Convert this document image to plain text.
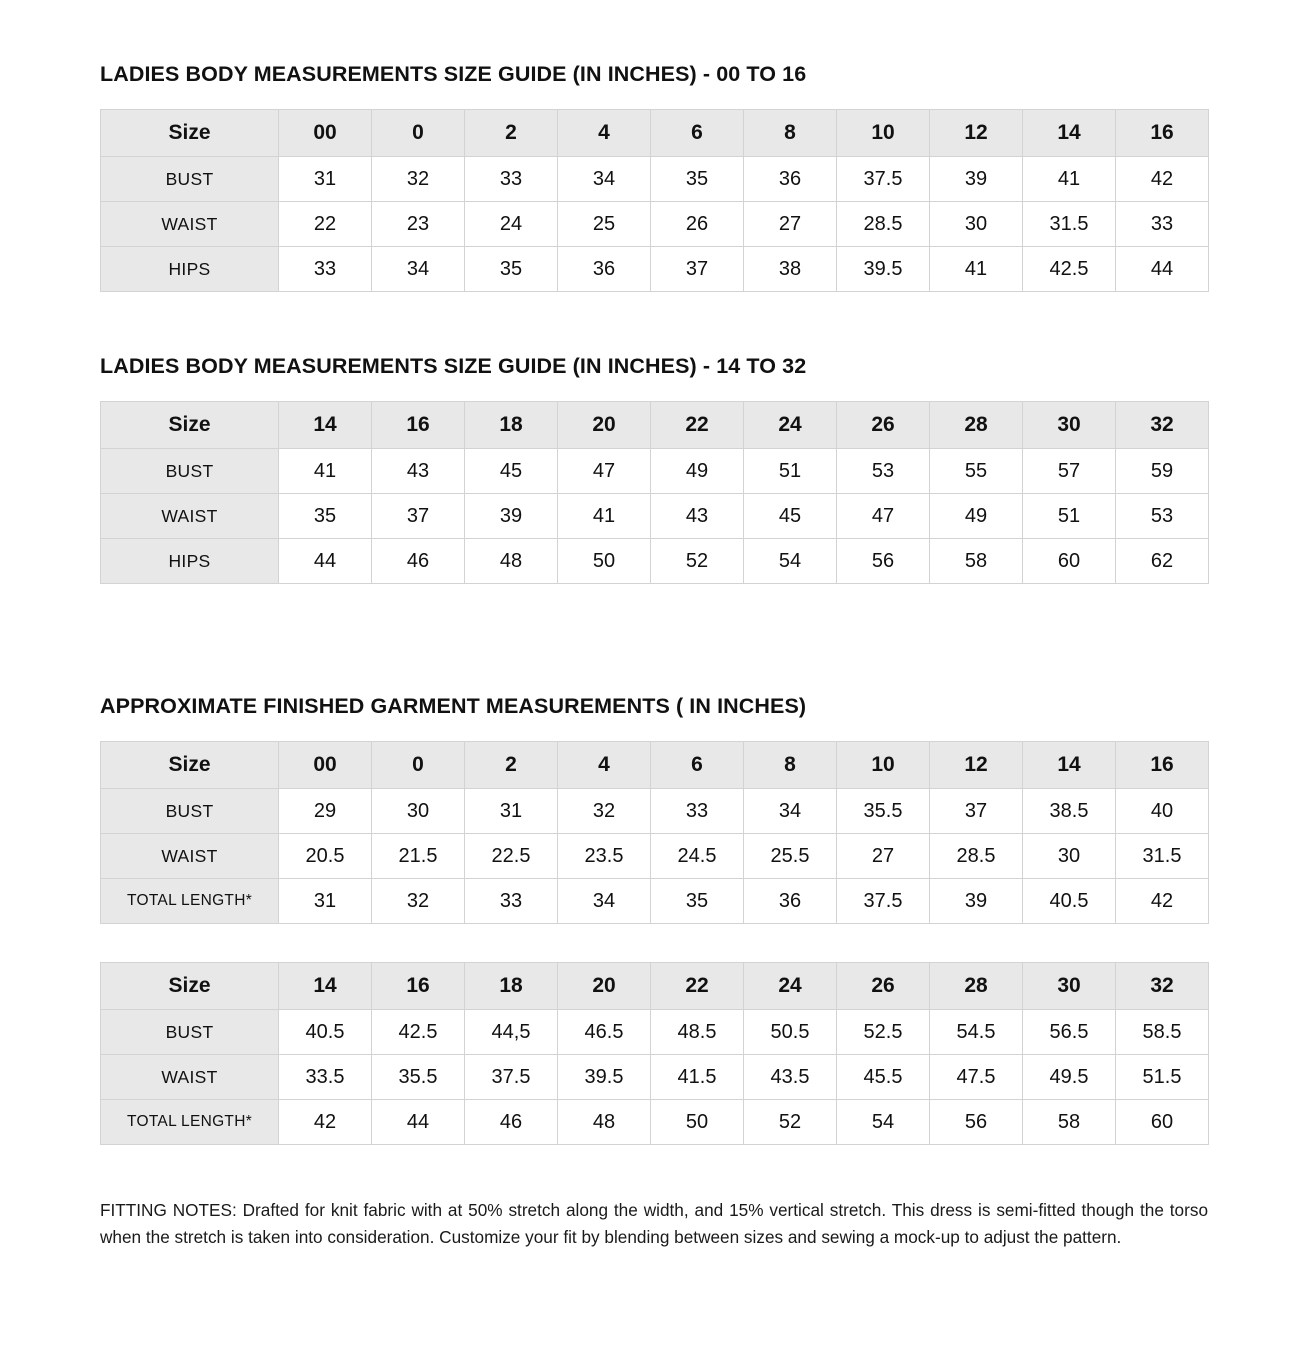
LADIES BODY MEASUREMENTS SIZE GUIDE (IN INCHES) - 00 TO 16
Size	00	0	2	4	6	8	10	12	14	16
BUST	31	32	33	34	35	36	37.5	39	41	42
WAIST	22	23	24	25	26	27	28.5	30	31.5	33
HIPS	33	34	35	36	37	38	39.5	41	42.5	44
LADIES BODY MEASUREMENTS SIZE GUIDE (IN INCHES) - 14 TO 32
Size	14	16	18	20	22	24	26	28	30	32
BUST	41	43	45	47	49	51	53	55	57	59
WAIST	35	37	39	41	43	45	47	49	51	53
HIPS	44	46	48	50	52	54	56	58	60	62
APPROXIMATE FINISHED GARMENT MEASUREMENTS ( IN INCHES)
Size	00	0	2	4	6	8	10	12	14	16
BUST	29	30	31	32	33	34	35.5	37	38.5	40
WAIST	20.5	21.5	22.5	23.5	24.5	25.5	27	28.5	30	31.5
TOTAL LENGTH*	31	32	33	34	35	36	37.5	39	40.5	42
Size	14	16	18	20	22	24	26	28	30	32
BUST	40.5	42.5	44,5	46.5	48.5	50.5	52.5	54.5	56.5	58.5
WAIST	33.5	35.5	37.5	39.5	41.5	43.5	45.5	47.5	49.5	51.5
TOTAL LENGTH*	42	44	46	48	50	52	54	56	58	60

FITTING NOTES: Drafted for knit fabric with at 50% stretch along the width, and 15% vertical stretch. This dress is semi-fitted though the torso when the stretch is taken into consideration. Customize your fit by blending between sizes and sewing a mock-up to adjust the pattern.
